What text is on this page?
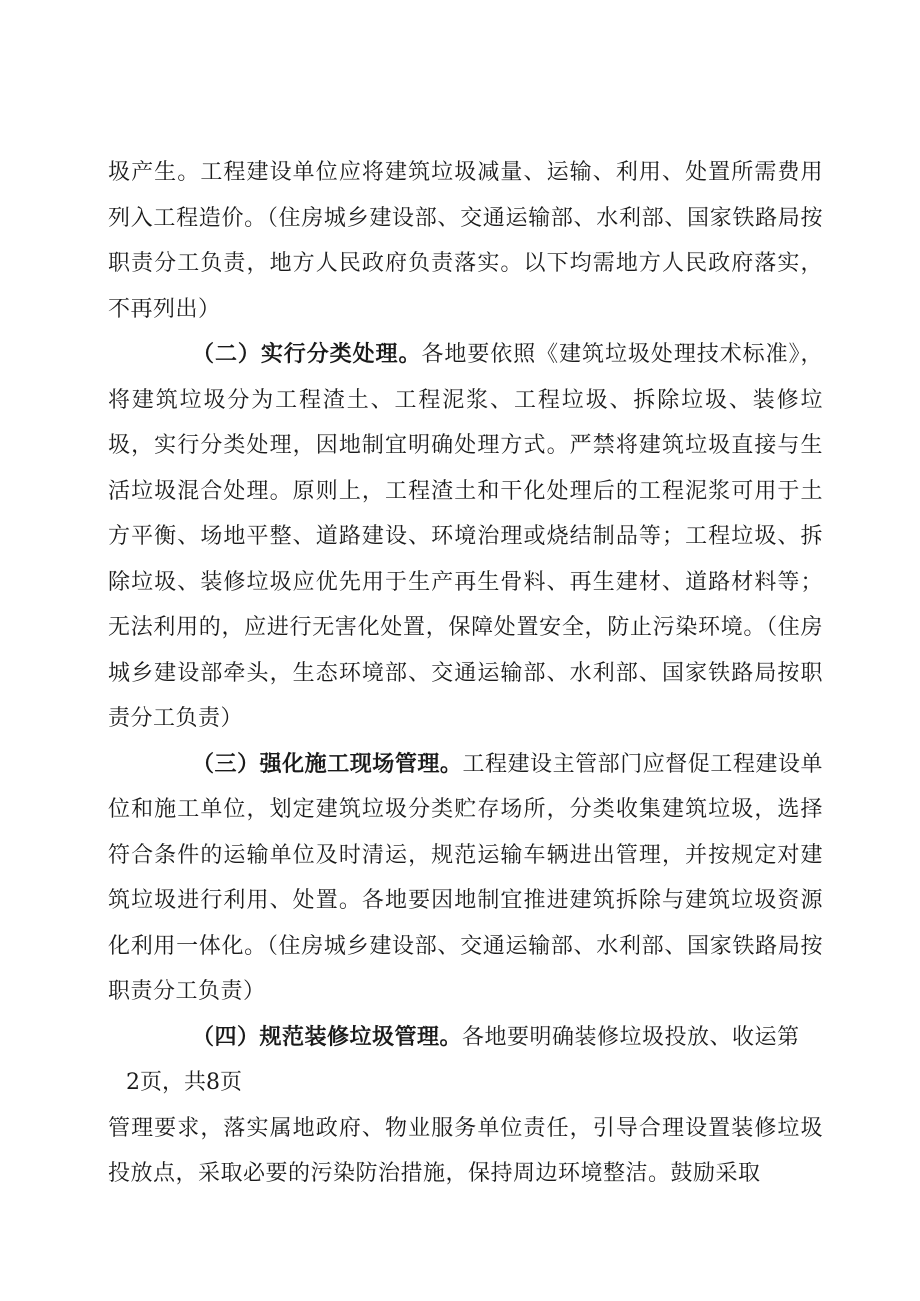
圾产生。工程建设单位应将建筑垃圾减量、运输、利用、处置所需费用列入工程造价。（住房城乡建设部、交通运输部、水利部、国家铁路局按职责分工负责，地方人民政府负责落实。以下均需地方人民政府落实，不再列出）

（二）实行分类处理。各地要依照《建筑垃圾处理技术标准》，将建筑垃圾分为工程渣土、工程泥浆、工程垃圾、拆除垃圾、装修垃圾，实行分类处理，因地制宜明确处理方式。严禁将建筑垃圾直接与生活垃圾混合处理。原则上，工程渣土和干化处理后的工程泥浆可用于土方平衡、场地平整、道路建设、环境治理或烧结制品等；工程垃圾、拆除垃圾、装修垃圾应优先用于生产再生骨料、再生建材、道路材料等；无法利用的，应进行无害化处置，保障处置安全，防止污染环境。（住房城乡建设部牵头，生态环境部、交通运输部、水利部、国家铁路局按职责分工负责）

（三）强化施工现场管理。工程建设主管部门应督促工程建设单位和施工单位，划定建筑垃圾分类贮存场所，分类收集建筑垃圾，选择符合条件的运输单位及时清运，规范运输车辆进出管理，并按规定对建筑垃圾进行利用、处置。各地要因地制宜推进建筑拆除与建筑垃圾资源化利用一体化。（住房城乡建设部、交通运输部、水利部、国家铁路局按职责分工负责）

（四）规范装修垃圾管理。各地要明确装修垃圾投放、收运第

2页，共8页

管理要求，落实属地政府、物业服务单位责任，引导合理设置装修垃圾投放点，采取必要的污染防治措施，保持周边环境整洁。鼓励采取
